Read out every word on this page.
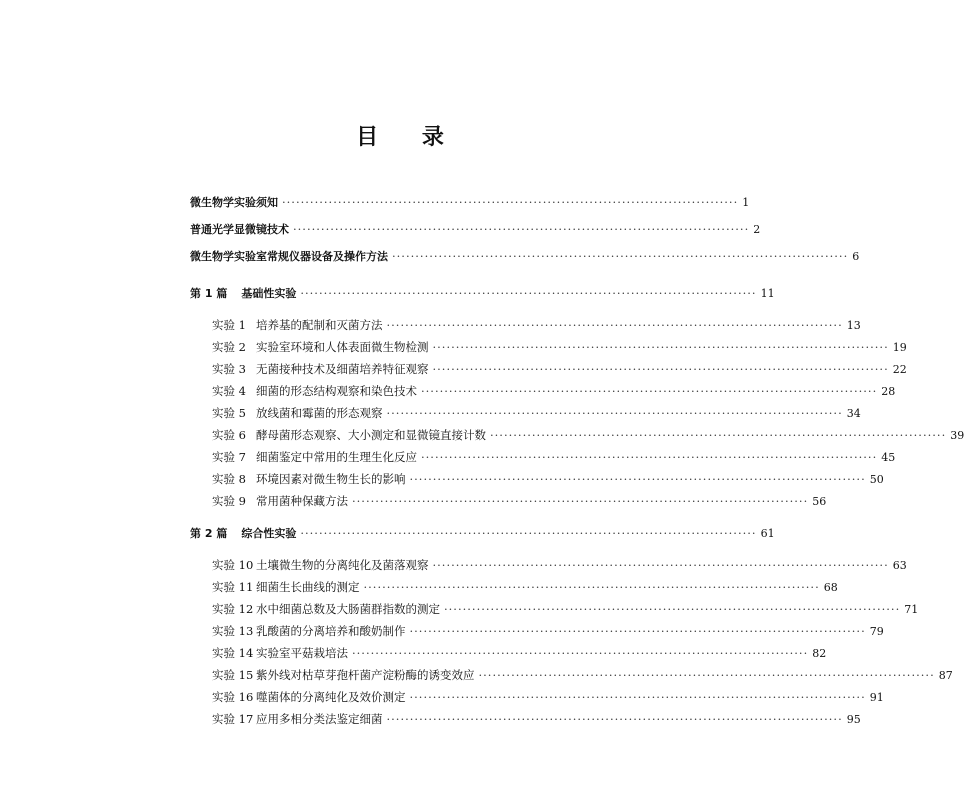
目 录
微生物学实验须知 ·································································································· 1
普通光学显微镜技术 ·································································································· 2
微生物学实验室常规仪器设备及操作方法 ·································································································· 6
第 1 篇 基础性实验 ·································································································· 11
实验 1 培养基的配制和灭菌方法 ·································································································· 13
实验 2 实验室环境和人体表面微生物检测 ·································································································· 19
实验 3 无菌接种技术及细菌培养特征观察 ·································································································· 22
实验 4 细菌的形态结构观察和染色技术 ·································································································· 28
实验 5 放线菌和霉菌的形态观察 ·································································································· 34
实验 6 酵母菌形态观察、大小测定和显微镜直接计数 ·································································································· 39
实验 7 细菌鉴定中常用的生理生化反应 ·································································································· 45
实验 8 环境因素对微生物生长的影响 ·································································································· 50
实验 9 常用菌种保藏方法 ·································································································· 56
第 2 篇 综合性实验 ·································································································· 61
实验 10 土壤微生物的分离纯化及菌落观察 ·································································································· 63
实验 11 细菌生长曲线的测定 ·································································································· 68
实验 12 水中细菌总数及大肠菌群指数的测定 ·································································································· 71
实验 13 乳酸菌的分离培养和酸奶制作 ·································································································· 79
实验 14 实验室平菇栽培法 ·································································································· 82
实验 15 紫外线对枯草芽孢杆菌产淀粉酶的诱变效应 ·································································································· 87
实验 16 噬菌体的分离纯化及效价测定 ·································································································· 91
实验 17 应用多相分类法鉴定细菌 ·································································································· 95
